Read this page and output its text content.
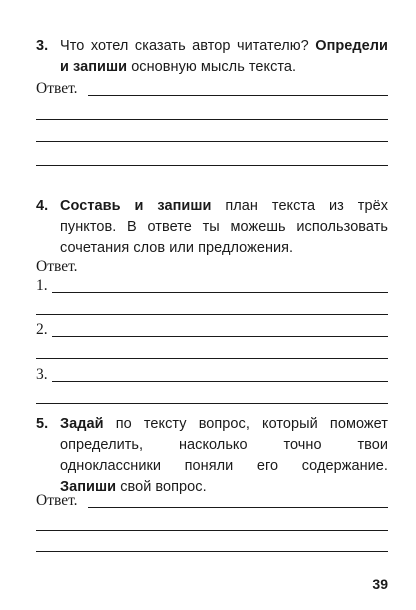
3. Что хотел сказать автор читателю? Определи и запиши основную мысль текста.
Ответ.
4. Составь и запиши план текста из трёх пунктов. В ответе ты можешь использовать сочетания слов или предложения.
Ответ.
1.
2.
3.
5. Задай по тексту вопрос, который поможет определить, насколько точно твои одноклассники поняли его содержание. Запиши свой вопрос.
Ответ.
39
